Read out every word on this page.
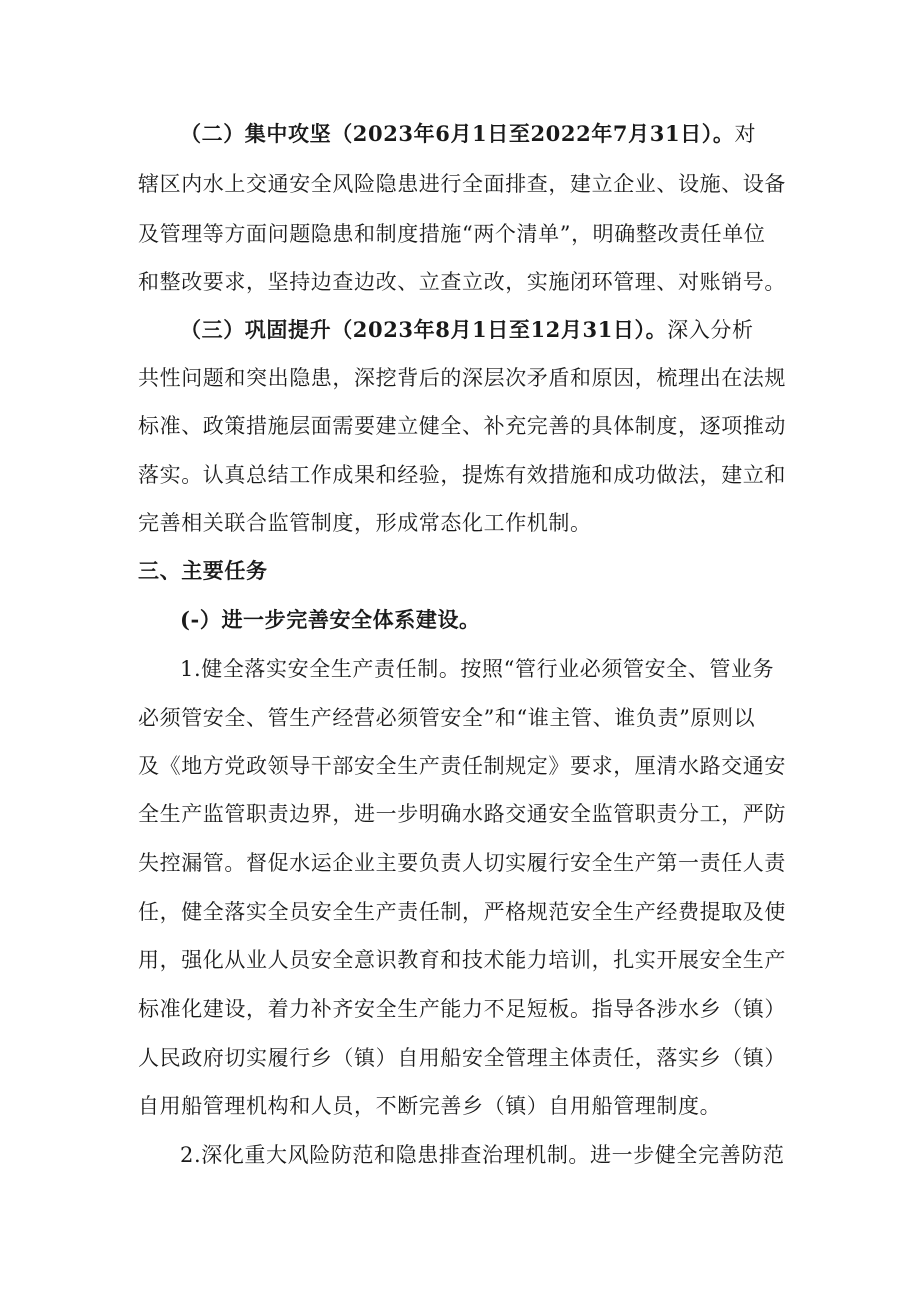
（二）集中攻坚（2023年6月1日至2022年7月31日）。对
辖区内水上交通安全风险隐患进行全面排查，建立企业、设施、设备
及管理等方面问题隐患和制度措施“两个清单”，明确整改责任单位
和整改要求，坚持边查边改、立查立改，实施闭环管理、对账销号。
（三）巩固提升（2023年8月1日至12月31日）。深入分析
共性问题和突出隐患，深挖背后的深层次矛盾和原因，梳理出在法规
标准、政策措施层面需要建立健全、补充完善的具体制度，逐项推动
落实。认真总结工作成果和经验，提炼有效措施和成功做法，建立和
完善相关联合监管制度，形成常态化工作机制。
三、主要任务
(-）进一步完善安全体系建设。
1.健全落实安全生产责任制。按照“管行业必须管安全、管业务
必须管安全、管生产经营必须管安全”和“谁主管、谁负责”原则以
及《地方党政领导干部安全生产责任制规定》要求，厘清水路交通安
全生产监管职责边界，进一步明确水路交通安全监管职责分工，严防
失控漏管。督促水运企业主要负责人切实履行安全生产第一责任人责
任，健全落实全员安全生产责任制，严格规范安全生产经费提取及使
用，强化从业人员安全意识教育和技术能力培训，扎实开展安全生产
标准化建设，着力补齐安全生产能力不足短板。指导各涉水乡（镇）
人民政府切实履行乡（镇）自用船安全管理主体责任，落实乡（镇）
自用船管理机构和人员，不断完善乡（镇）自用船管理制度。
2.深化重大风险防范和隐患排查治理机制。进一步健全完善防范
